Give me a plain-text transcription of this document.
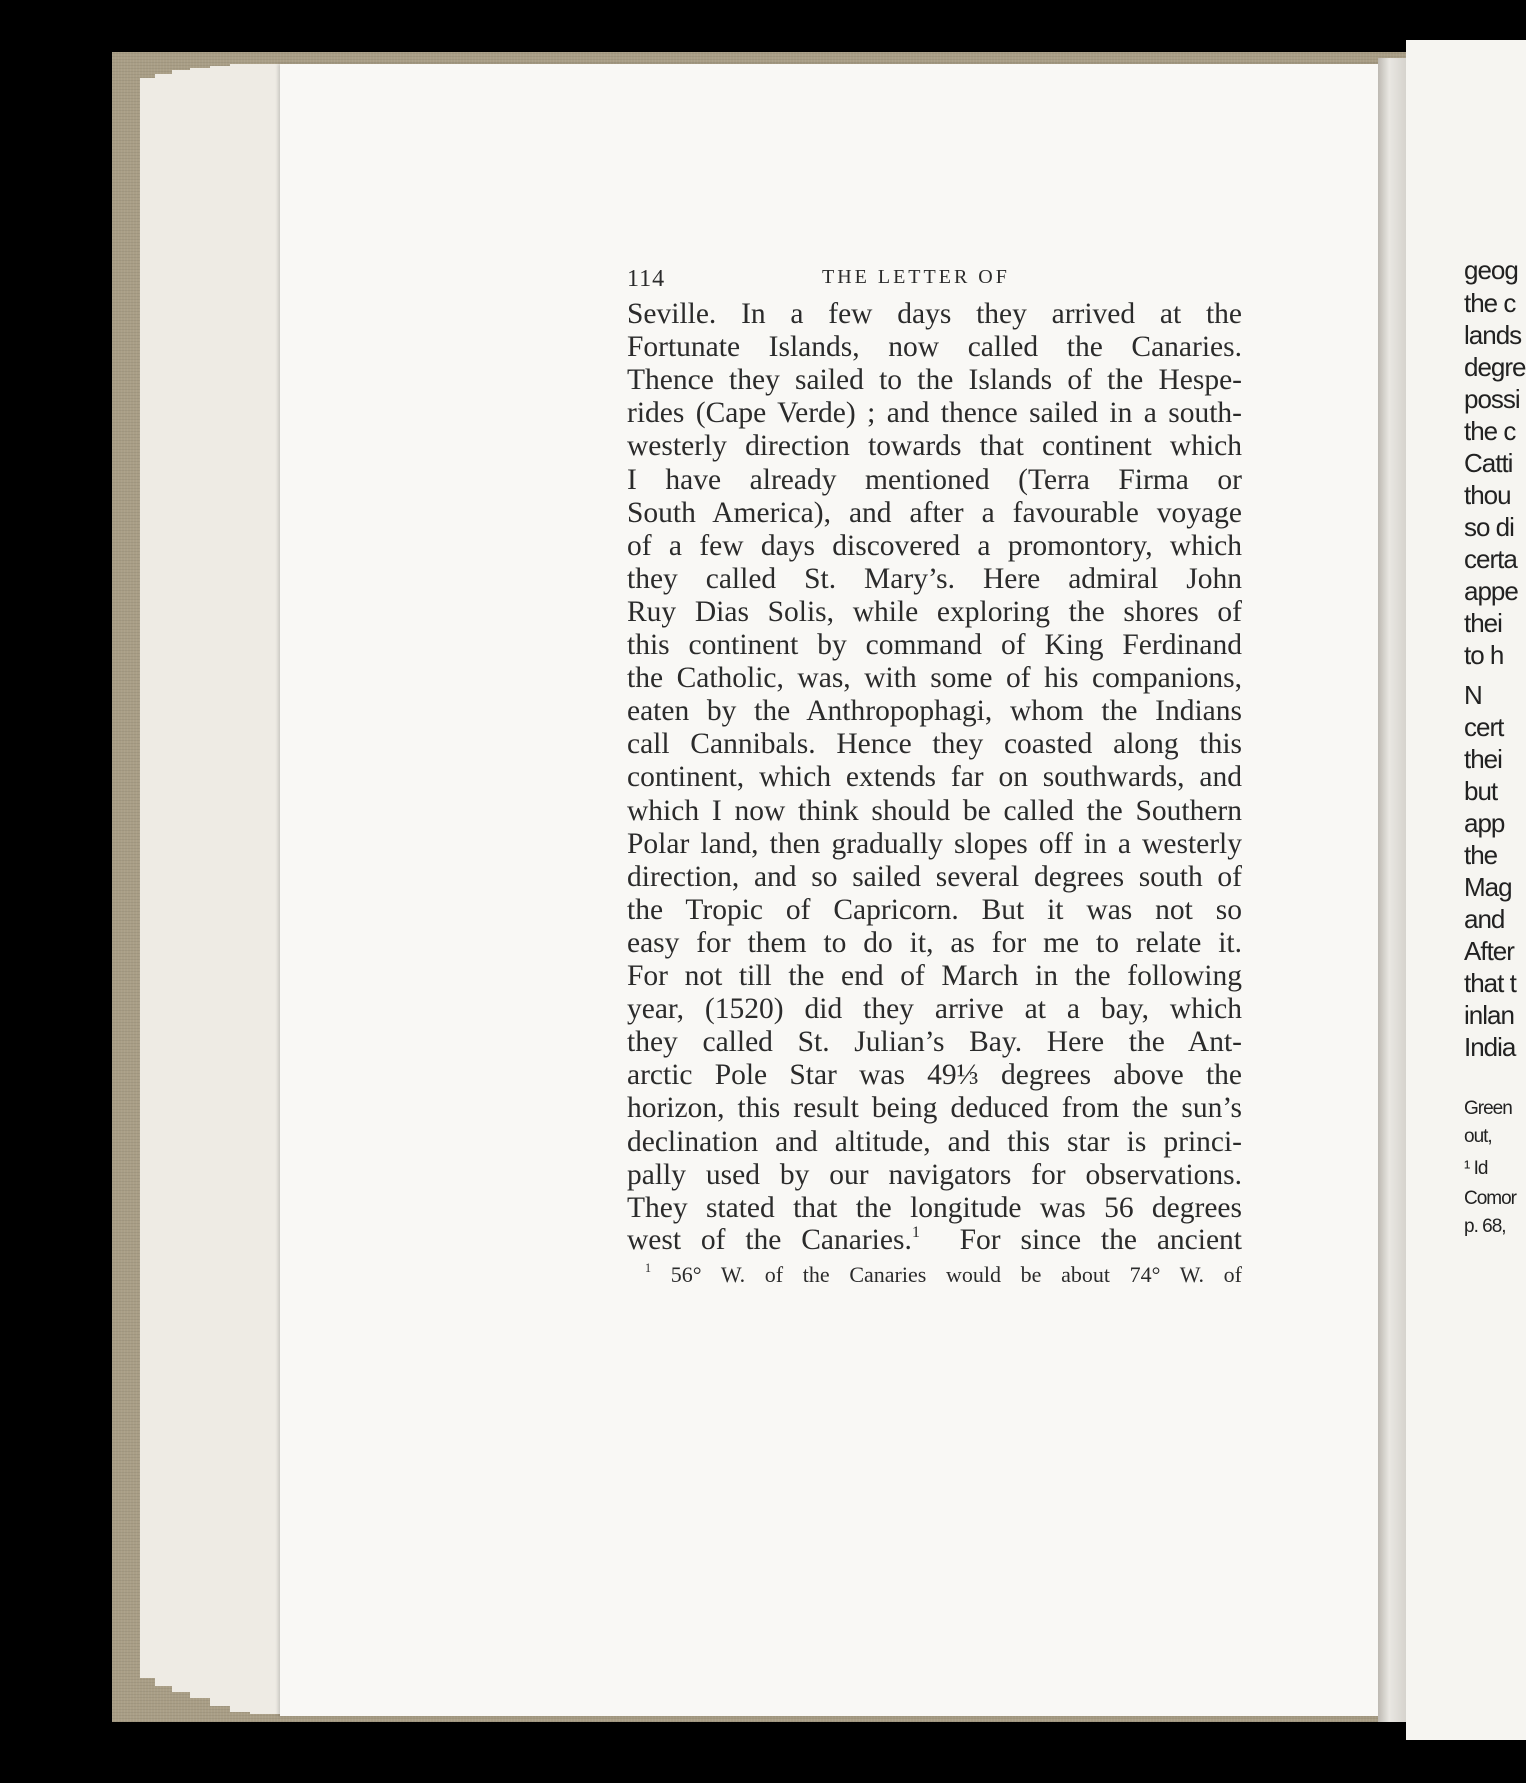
geog
the c
lands
degre
possi
the c
Catti
thou
so di
certa
appe
thei
to h
N
cert
thei
but
app
the
Mag
and
After
that t
inlan
India
Green
out,
¹ Id
Comor
p. 68,
114	THE LETTER OF
Seville. In a few days they arrived at the
Fortunate Islands, now called the Canaries.
Thence they sailed to the Islands of the Hespe-
rides (Cape Verde) ; and thence sailed in a south-
westerly direction towards that continent which
I have already mentioned (Terra Firma or
South America), and after a favourable voyage
of a few days discovered a promontory, which
they called St. Mary’s. Here admiral John
Ruy Dias Solis, while exploring the shores of
this continent by command of King Ferdinand
the Catholic, was, with some of his companions,
eaten by the Anthropophagi, whom the Indians
call Cannibals. Hence they coasted along this
continent, which extends far on southwards, and
which I now think should be called the Southern
Polar land, then gradually slopes off in a westerly
direction, and so sailed several degrees south of
the Tropic of Capricorn. But it was not so
easy for them to do it, as for me to relate it.
For not till the end of March in the following
year, (1520) did they arrive at a bay, which
they called St. Julian’s Bay. Here the Ant-
arctic Pole Star was 49⅓ degrees above the
horizon, this result being deduced from the sun’s
declination and altitude, and this star is princi-
pally used by our navigators for observations.
They stated that the longitude was 56 degrees
west of the Canaries.$^1$  For since the ancient
$^1$ 56° W. of the Canaries would be about 74° W. of
